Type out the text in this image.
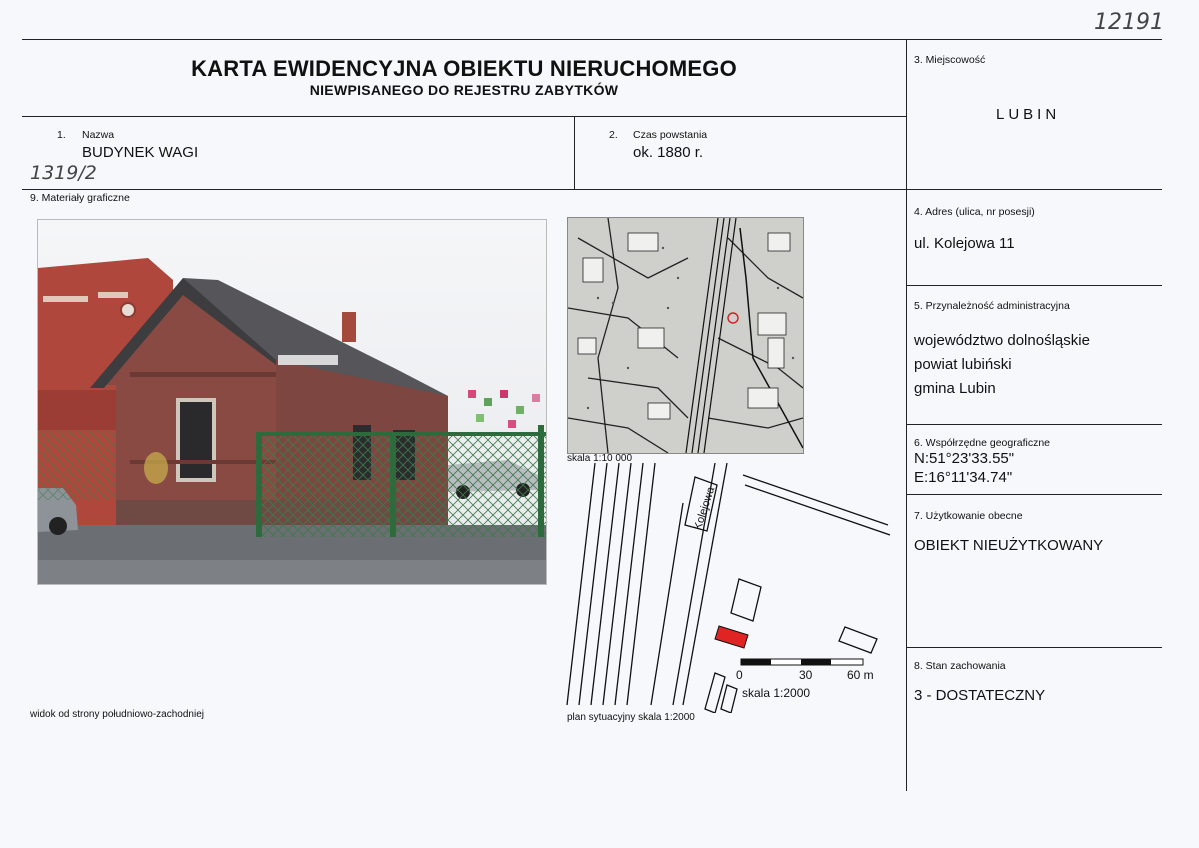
12191
KARTA EWIDENCYJNA OBIEKTU NIERUCHOMEGO
NIEWPISANEGO DO REJESTRU ZABYTKÓW
1. Nazwa
BUDYNEK WAGI
1319/2
2. Czas powstania
ok. 1880 r.
3. Miejscowość
LUBIN
4. Adres (ulica, nr posesji)
ul. Kolejowa 11
5. Przynależność administracyjna
województwo dolnośląskie
powiat lubiński
gmina Lubin
6. Współrzędne geograficzne
N:51°23'33.55"
E:16°11'34.74"
7. Użytkowanie obecne
OBIEKT NIEUŻYTKOWANY
8. Stan zachowania
3 - DOSTATECZNY
9. Materiały graficzne
widok od strony południowo-zachodniej
skala 1:10 000
Kolejowa
0	30	60 m
skala 1:2000
plan sytuacyjny skala 1:2000
